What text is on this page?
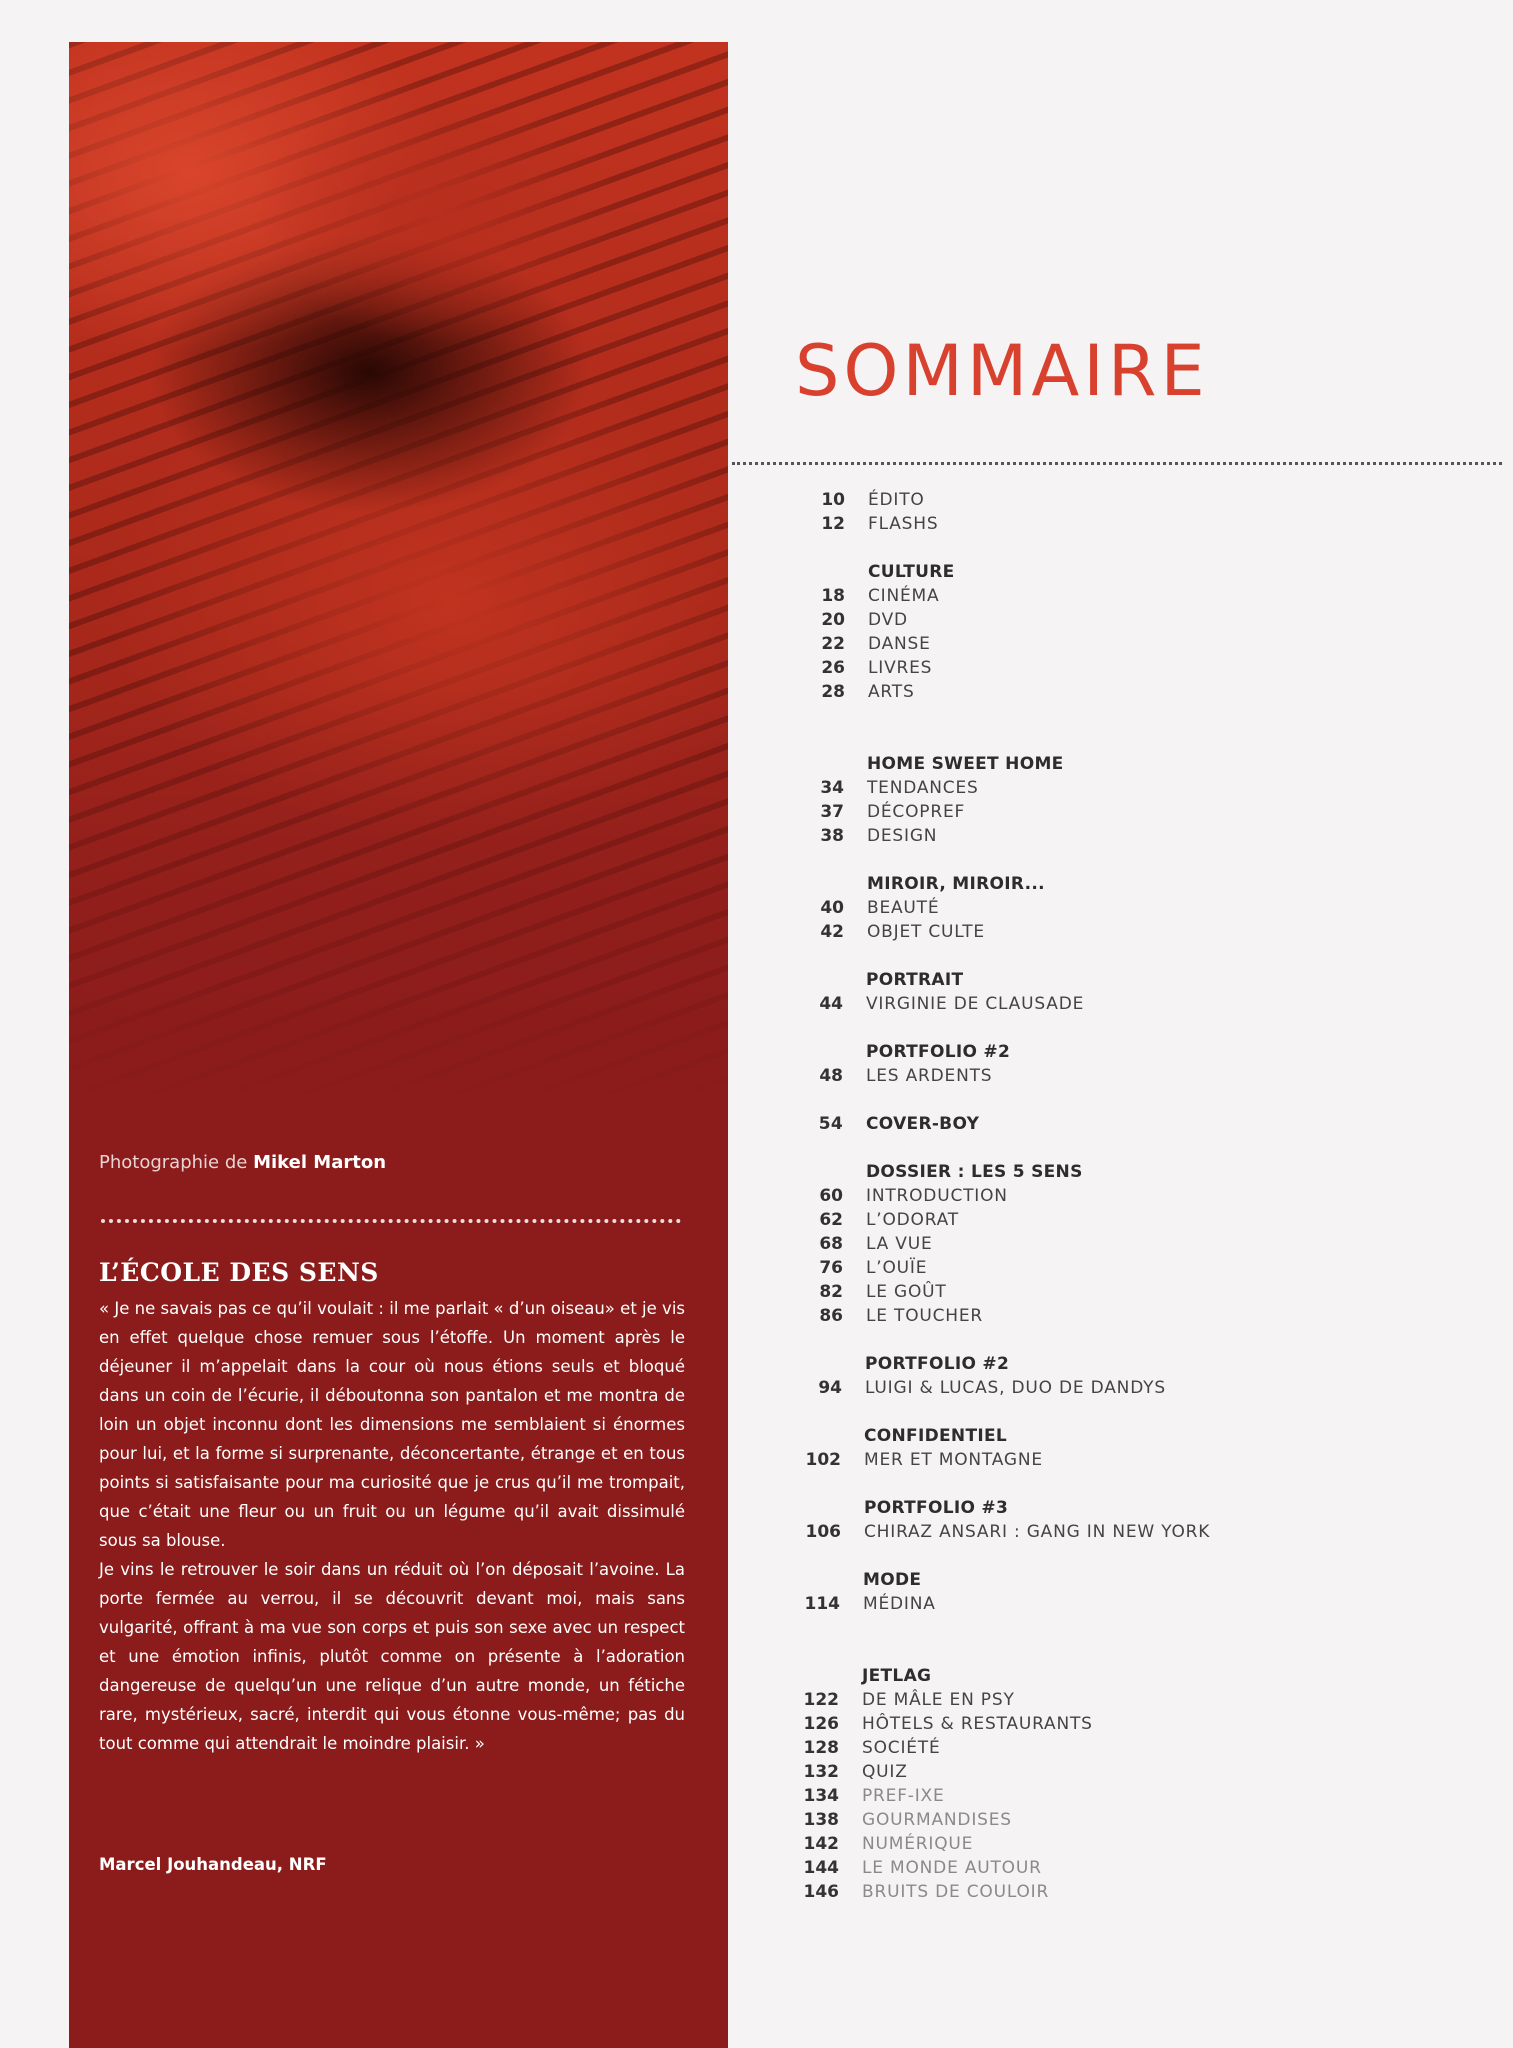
Photographie de Mikel Marton
L’ÉCOLE DES SENS

« Je ne savais pas ce qu’il voulait : il me parlait « d’un oiseau» et je vis en effet quelque chose remuer sous l’étoffe. Un moment après le déjeuner il m’appelait dans la cour où nous étions seuls et bloqué dans un coin de l’écurie, il déboutonna son pantalon et me montra de loin un objet inconnu dont les dimensions me semblaient si énormes pour lui, et la forme si surprenante, déconcertante, étrange et en tous points si satisfaisante pour ma curiosité que je crus qu’il me trompait, que c’était une fleur ou un fruit ou un légume qu’il avait dissimulé sous sa blouse.

Je vins le retrouver le soir dans un réduit où l’on déposait l’avoine. La porte fermée au verrou, il se découvrit devant moi, mais sans vulgarité, offrant à ma vue son corps et puis son sexe avec un respect et une émotion infinis, plutôt comme on présente à l’adoration dangereuse de quelqu’un une relique d’un autre monde, un fétiche rare, mystérieux, sacré, interdit qui vous étonne vous-même; pas du tout comme qui attendrait le moindre plaisir. »

Marcel Jouhandeau, NRF
SOMMAIRE
10 ÉDITO
12 FLASHS
CULTURE
18 CINÉMA
20 DVD
22 DANSE
26 LIVRES
28 ARTS
HOME SWEET HOME
34 TENDANCES
37 DÉCOPREF
38 DESIGN
MIROIR, MIROIR...
40 BEAUTÉ
42 OBJET CULTE
PORTRAIT
44 VIRGINIE DE CLAUSADE
PORTFOLIO #2
48 LES ARDENTS
54 COVER-BOY
DOSSIER : LES 5 SENS
60 INTRODUCTION
62 L’ODORAT
68 LA VUE
76 L’OUÏE
82 LE GOÛT
86 LE TOUCHER
PORTFOLIO #2
94 LUIGI & LUCAS, DUO DE DANDYS
CONFIDENTIEL
102 MER ET MONTAGNE
PORTFOLIO #3
106 CHIRAZ ANSARI : GANG IN NEW YORK
MODE
114 MÉDINA
JETLAG
122 DE MÂLE EN PSY
126 HÔTELS & RESTAURANTS
128 SOCIÉTÉ
132 QUIZ
134 PREF-IXE
138 GOURMANDISES
142 NUMÉRIQUE
144 LE MONDE AUTOUR
146 BRUITS DE COULOIR
